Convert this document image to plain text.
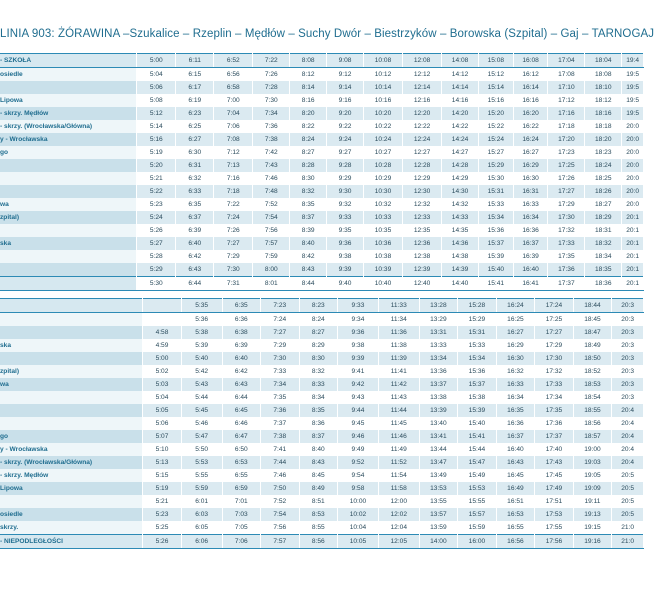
LINIA 903: ŻÓRAWINA –Szukalice – Rzeplin – Mędłów – Suchy Dwór – Biestrzyków – Borowska (Szpital) – Gaj – TARNOGAJ
- SZKOŁA	5:00	6:11	6:52	7:22	8:08	9:08	10:08	12:08	14:08	15:08	16:08	17:04	18:04	19:4
osiedle	5:04	6:15	6:56	7:26	8:12	9:12	10:12	12:12	14:12	15:12	16:12	17:08	18:08	19:5
	5:06	6:17	6:58	7:28	8:14	9:14	10:14	12:14	14:14	15:14	16:14	17:10	18:10	19:5
Lipowa	5:08	6:19	7:00	7:30	8:16	9:16	10:16	12:16	14:16	15:16	16:16	17:12	18:12	19:5
- skrzy. Mędłów	5:12	6:23	7:04	7:34	8:20	9:20	10:20	12:20	14:20	15:20	16:20	17:16	18:16	19:5
- skrzy. (Wrocławska/Główna)	5:14	6:25	7:06	7:36	8:22	9:22	10:22	12:22	14:22	15:22	16:22	17:18	18:18	20:0
y - Wrocławska	5:16	6:27	7:08	7:38	8:24	9:24	10:24	12:24	14:24	15:24	16:24	17:20	18:20	20:0
go	5:19	6:30	7:12	7:42	8:27	9:27	10:27	12:27	14:27	15:27	16:27	17:23	18:23	20:0
	5:20	6:31	7:13	7:43	8:28	9:28	10:28	12:28	14:28	15:29	16:29	17:25	18:24	20:0
	5:21	6:32	7:16	7:46	8:30	9:29	10:29	12:29	14:29	15:30	16:30	17:26	18:25	20:0
	5:22	6:33	7:18	7:48	8:32	9:30	10:30	12:30	14:30	15:31	16:31	17:27	18:26	20:0
wa	5:23	6:35	7:22	7:52	8:35	9:32	10:32	12:32	14:32	15:33	16:33	17:29	18:27	20:0
zpital)	5:24	6:37	7:24	7:54	8:37	9:33	10:33	12:33	14:33	15:34	16:34	17:30	18:29	20:1
	5:26	6:39	7:26	7:56	8:39	9:35	10:35	12:35	14:35	15:36	16:36	17:32	18:31	20:1
ska	5:27	6:40	7:27	7:57	8:40	9:36	10:36	12:36	14:36	15:37	16:37	17:33	18:32	20:1
	5:28	6:42	7:29	7:59	8:42	9:38	10:38	12:38	14:38	15:39	16:39	17:35	18:34	20:1
	5:29	6:43	7:30	8:00	8:43	9:39	10:39	12:39	14:39	15:40	16:40	17:36	18:35	20:1
	5:30	6:44	7:31	8:01	8:44	9:40	10:40	12:40	14:40	15:41	16:41	17:37	18:36	20:1
		5:35	6:35	7:23	8:23	9:33	11:33	13:28	15:28	16:24	17:24	18:44	20:3
		5:36	6:36	7:24	8:24	9:34	11:34	13:29	15:29	16:25	17:25	18:45	20:3
	4:58	5:38	6:38	7:27	8:27	9:36	11:36	13:31	15:31	16:27	17:27	18:47	20:3
ska	4:59	5:39	6:39	7:29	8:29	9:38	11:38	13:33	15:33	16:29	17:29	18:49	20:3
	5:00	5:40	6:40	7:30	8:30	9:39	11:39	13:34	15:34	16:30	17:30	18:50	20:3
zpital)	5:02	5:42	6:42	7:33	8:32	9:41	11:41	13:36	15:36	16:32	17:32	18:52	20:3
wa	5:03	5:43	6:43	7:34	8:33	9:42	11:42	13:37	15:37	16:33	17:33	18:53	20:3
	5:04	5:44	6:44	7:35	8:34	9:43	11:43	13:38	15:38	16:34	17:34	18:54	20:3
	5:05	5:45	6:45	7:36	8:35	9:44	11:44	13:39	15:39	16:35	17:35	18:55	20:4
	5:06	5:46	6:46	7:37	8:36	9:45	11:45	13:40	15:40	16:36	17:36	18:56	20:4
go	5:07	5:47	6:47	7:38	8:37	9:46	11:46	13:41	15:41	16:37	17:37	18:57	20:4
y - Wrocławska	5:10	5:50	6:50	7:41	8:40	9:49	11:49	13:44	15:44	16:40	17:40	19:00	20:4
- skrzy. (Wrocławska/Główna)	5:13	5:53	6:53	7:44	8:43	9:52	11:52	13:47	15:47	16:43	17:43	19:03	20:4
- skrzy. Mędłów	5:15	5:55	6:55	7:46	8:45	9:54	11:54	13:49	15:49	16:45	17:45	19:05	20:5
Lipowa	5:19	5:59	6:59	7:50	8:49	9:58	11:58	13:53	15:53	16:49	17:49	19:09	20:5
	5:21	6:01	7:01	7:52	8:51	10:00	12:00	13:55	15:55	16:51	17:51	19:11	20:5
osiedle	5:23	6:03	7:03	7:54	8:53	10:02	12:02	13:57	15:57	16:53	17:53	19:13	20:5
skrzy.	5:25	6:05	7:05	7:56	8:55	10:04	12:04	13:59	15:59	16:55	17:55	19:15	21:0
- NIEPODLEGŁOŚCI	5:26	6:06	7:06	7:57	8:56	10:05	12:05	14:00	16:00	16:56	17:56	19:16	21:0
